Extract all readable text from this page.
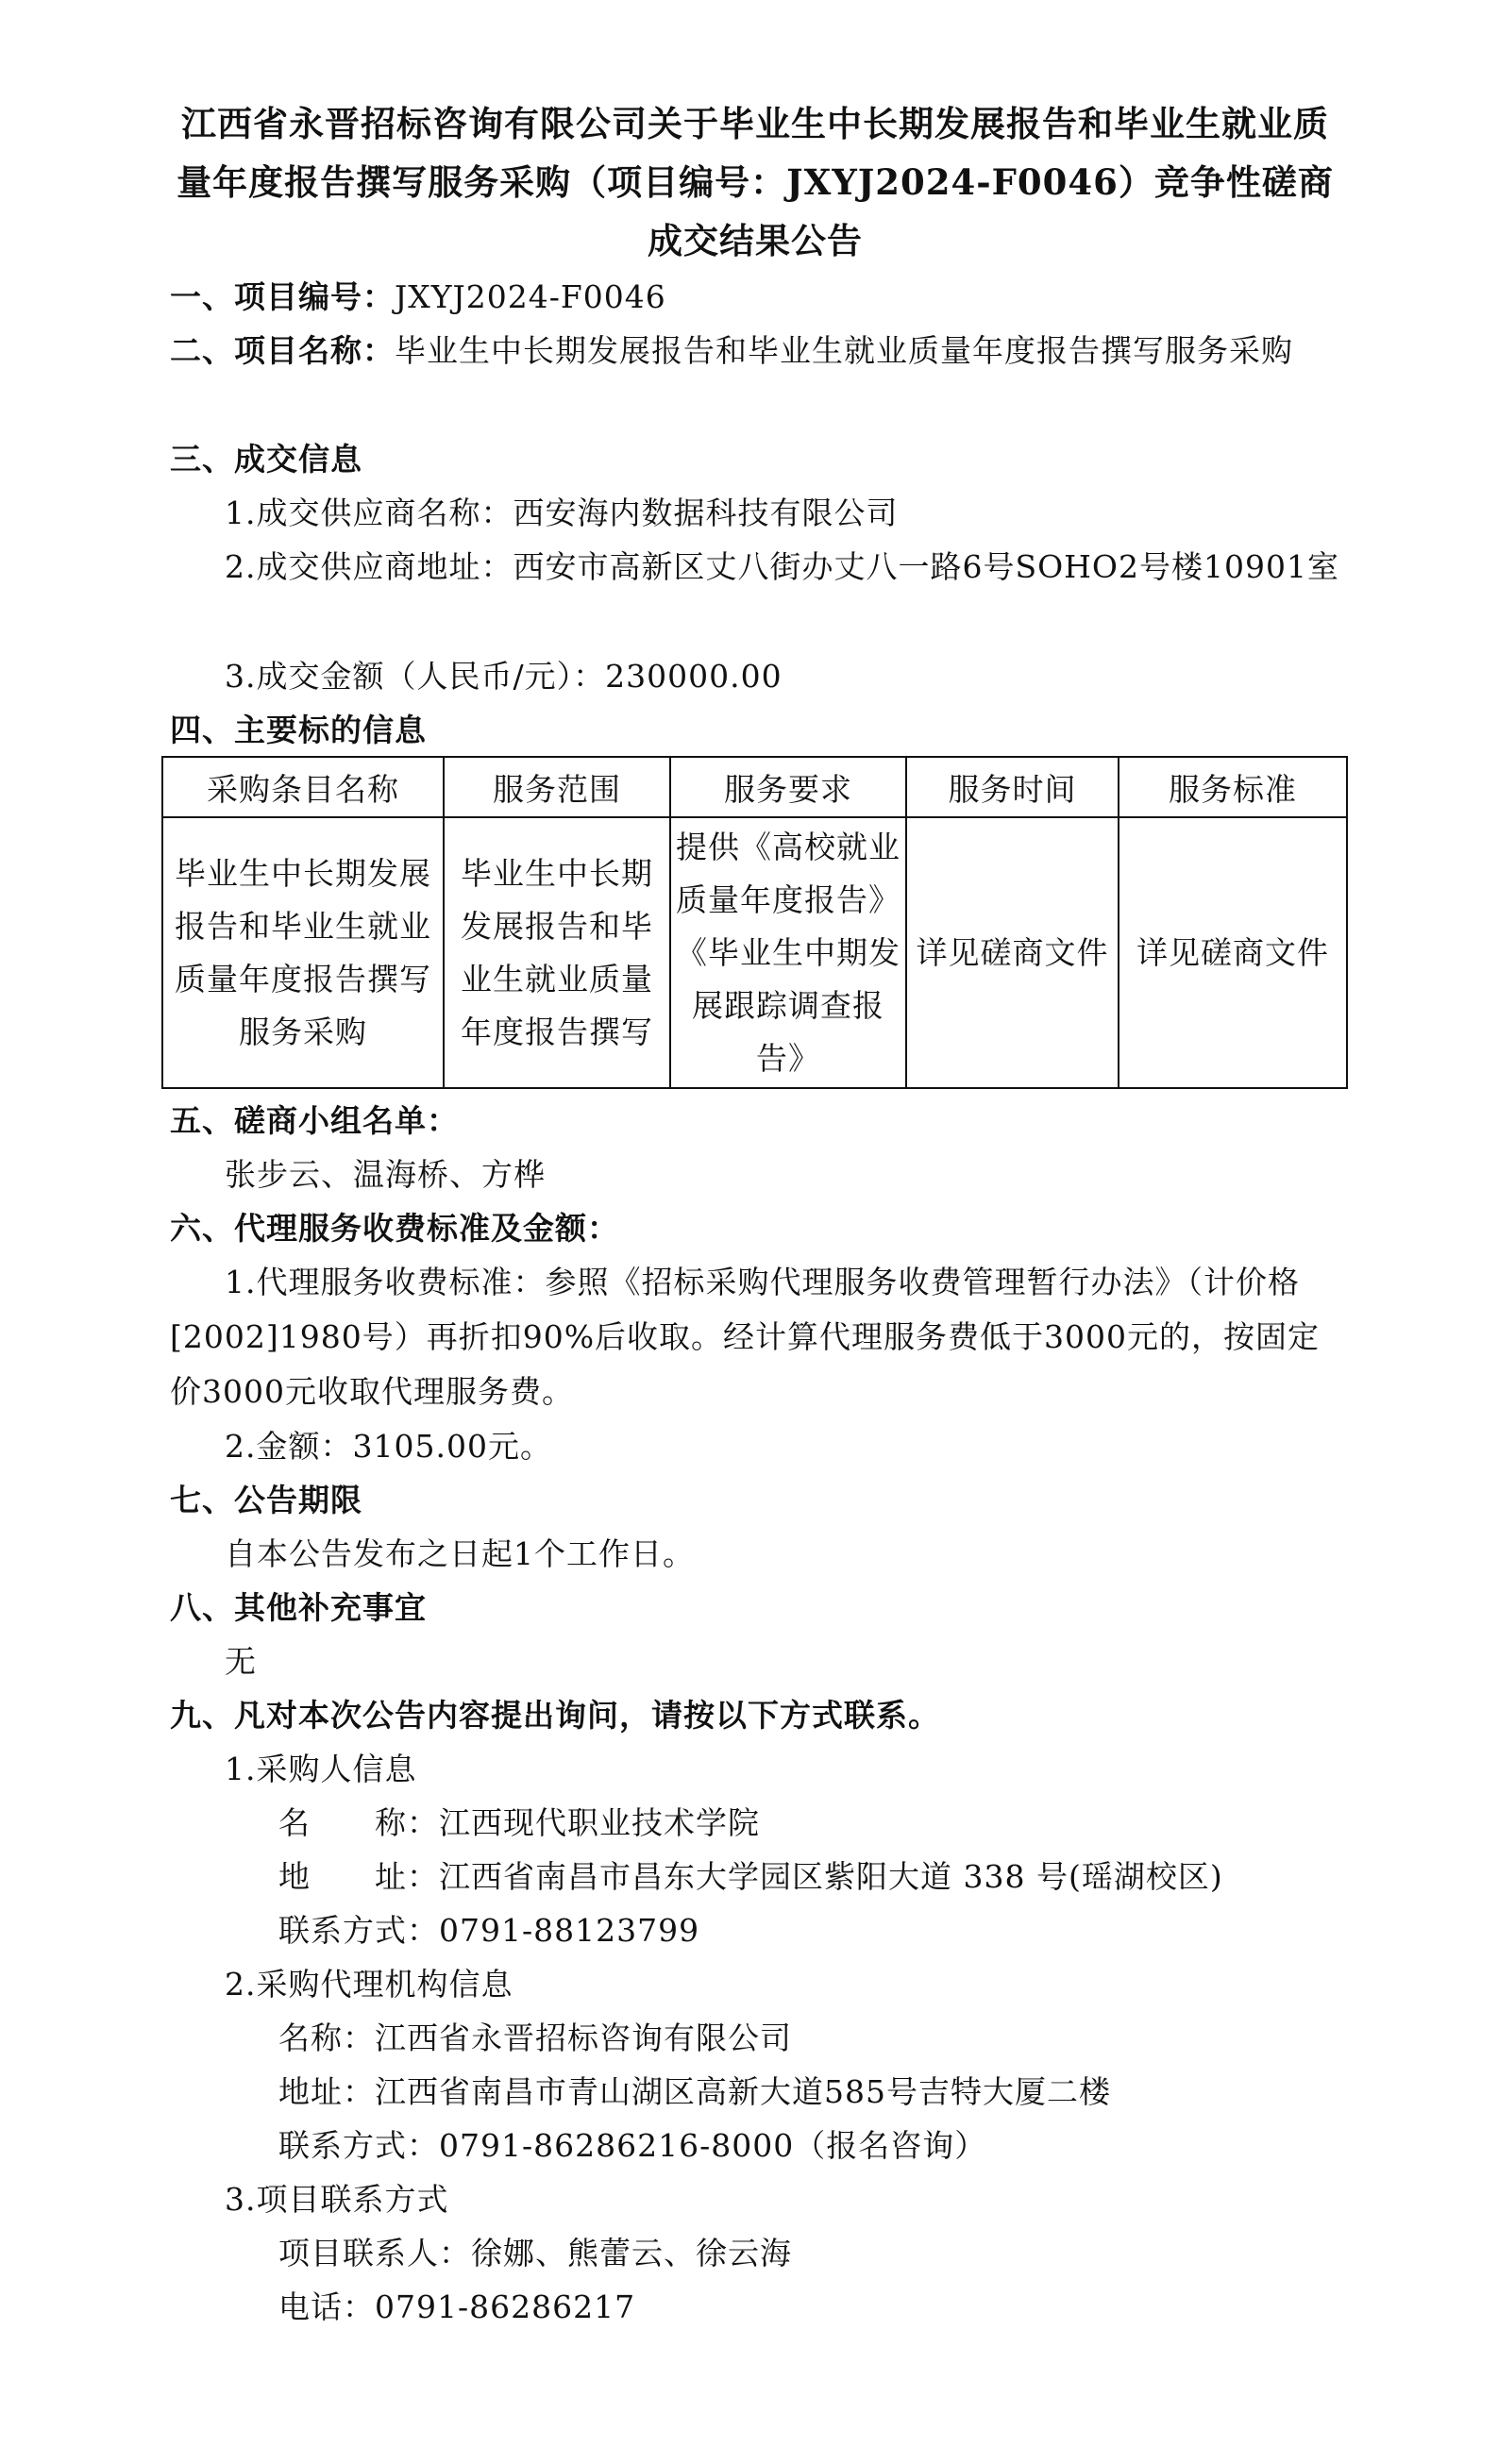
江西省永晋招标咨询有限公司关于毕业生中长期发展报告和毕业生就业质量年度报告撰写服务采购（项目编号：JXYJ2024-F0046）竞争性磋商成交结果公告
一、项目编号：JXYJ2024-F0046
二、项目名称：毕业生中长期发展报告和毕业生就业质量年度报告撰写服务采购
三、成交信息
1.成交供应商名称：西安海内数据科技有限公司
2.成交供应商地址：西安市高新区丈八街办丈八一路6号SOHO2号楼10901室
3.成交金额（人民币/元）：230000.00
四、主要标的信息
采购条目名称	服务范围	服务要求	服务时间	服务标准
毕业生中长期发展报告和毕业生就业质量年度报告撰写服务采购	毕业生中长期发展报告和毕业生就业质量年度报告撰写	提供《高校就业质量年度报告》《毕业生中期发展跟踪调查报告》	详见磋商文件	详见磋商文件
五、磋商小组名单：
张步云、温海桥、方桦
六、代理服务收费标准及金额：
1.代理服务收费标准：参照《招标采购代理服务收费管理暂行办法》（计价格[2002]1980号）再折扣90%后收取。经计算代理服务费低于3000元的，按固定价3000元收取代理服务费。
2.金额：3105.00元。
七、公告期限
自本公告发布之日起1个工作日。
八、其他补充事宜
无
九、凡对本次公告内容提出询问，请按以下方式联系。
1.采购人信息
名　　称：江西现代职业技术学院
地　　址：江西省南昌市昌东大学园区紫阳大道 338 号(瑶湖校区)
联系方式：0791-88123799
2.采购代理机构信息
名称：江西省永晋招标咨询有限公司
地址：江西省南昌市青山湖区高新大道585号吉特大厦二楼
联系方式：0791-86286216-8000（报名咨询）
3.项目联系方式
项目联系人：徐娜、熊蕾云、徐云海
电话：0791-86286217
